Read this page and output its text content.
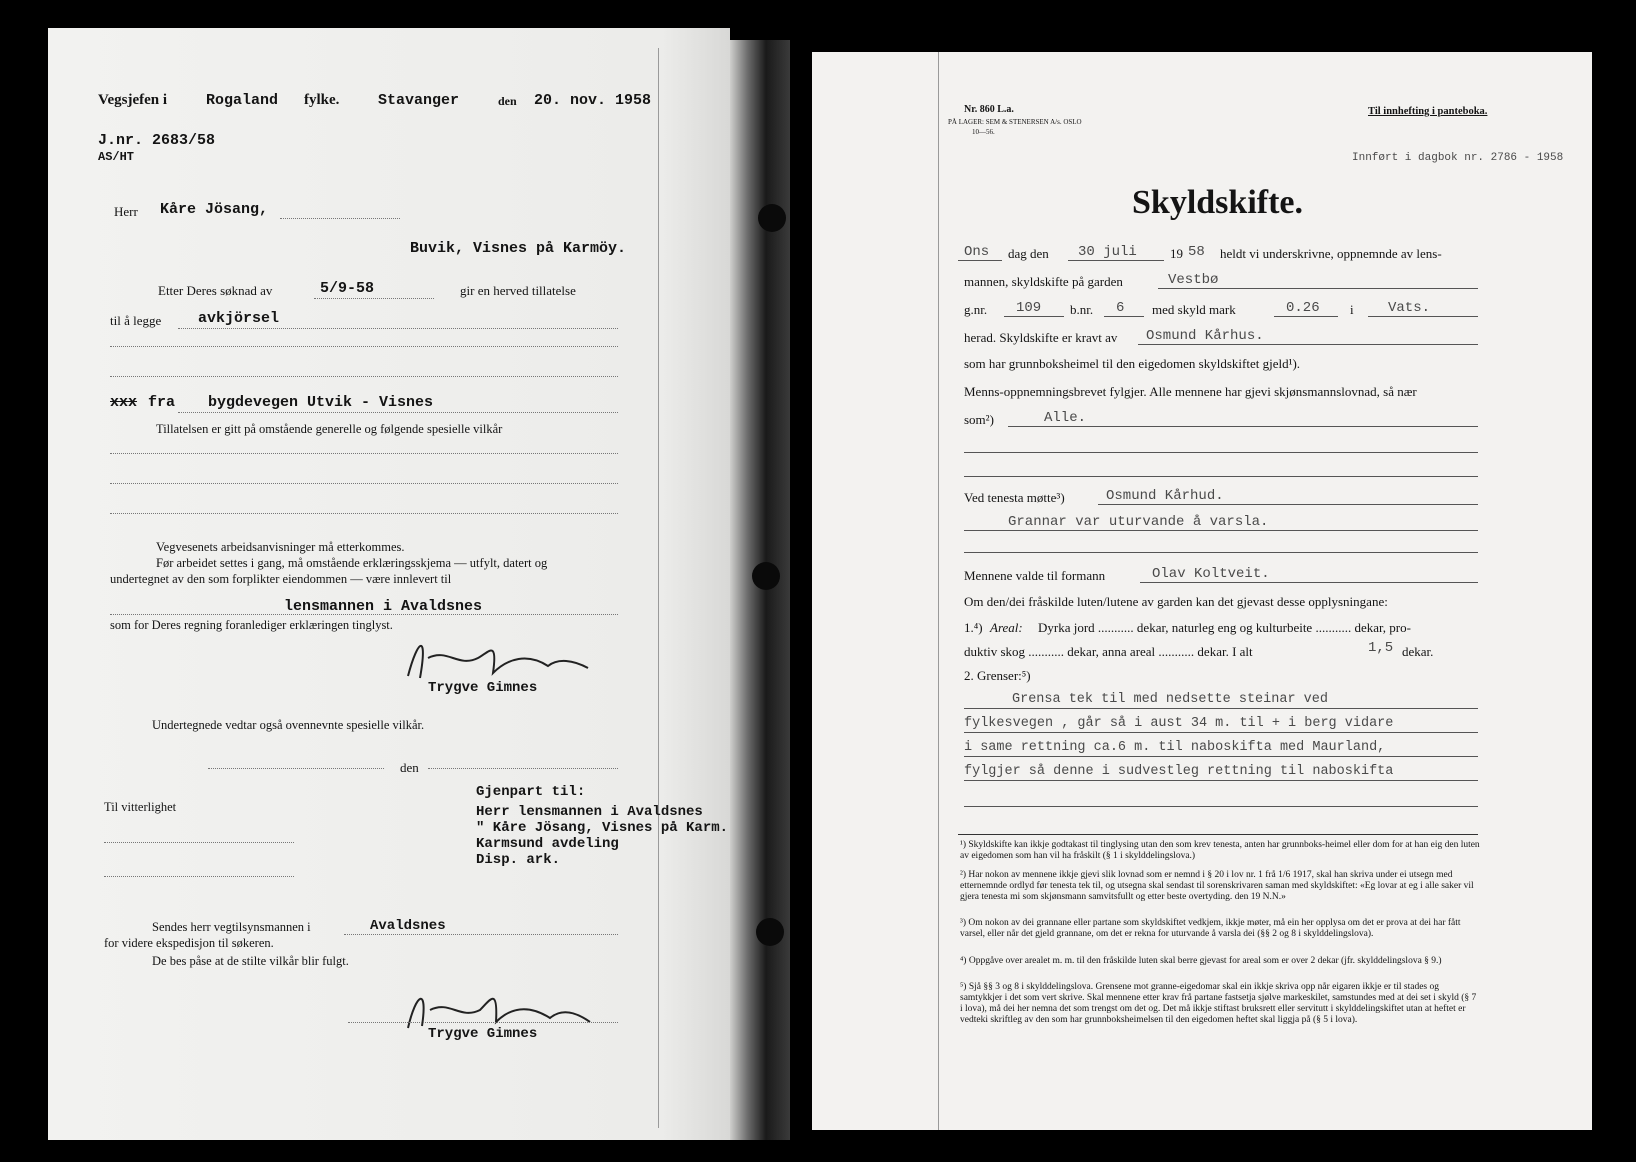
Vegsjefen i	Rogaland fylke.	Stavanger	den 20. nov. 1958
J.nr. 2683/58
AS/HT
Herr Kåre Jösang,
Buvik, Visnes på Karmöy.
Etter Deres søknad av	5/9-58	gir en herved tillatelse
til å legge avkjörsel
xxx fra bygdevegen Utvik - Visnes
Tillatelsen er gitt på omstående generelle og følgende spesielle vilkår
Vegvesenets arbeidsanvisninger må etterkommes.
Før arbeidet settes i gang, må omstående erklæringsskjema — utfylt, datert og
undertegnet av den som forplikter eiendommen — være innlevert til
lensmannen i Avaldsnes
som for Deres regning foranlediger erklæringen tinglyst.
Trygve Gimnes
Undertegnede vedtar også ovennevnte spesielle vilkår.
den
Til vitterlighet
Gjenpart til:
Herr lensmannen i Avaldsnes
" Kåre Jösang, Visnes på Karm.
Karmsund avdeling
Disp. ark.
Sendes herr vegtilsynsmannen i	Avaldsnes
for videre ekspedisjon til søkeren.
De bes påse at de stilte vilkår blir fulgt.
Trygve Gimnes
Nr. 860 L.a.
PÅ LAGER: SEM & STENERSEN A/s. OSLO
10—56.
Til innhefting i panteboka.
Innført i dagbok nr. 2786 - 1958
Skyldskifte.
Ons dag den 30 juli	19 58 heldt vi underskrivne, oppnemnde av lens-
mannen, skyldskifte på garden	Vestbø
g.nr. 109 b.nr. 6 med skyld mark	0.26 i Vats.
herad. Skyldskifte er kravt av Osmund Kårhus.
som har grunnboksheimel til den eigedomen skyldskiftet gjeld¹).
Menns-oppnemningsbrevet fylgjer. Alle mennene har gjevi skjønsmannslovnad, så nær
som²)	Alle.
Ved tenesta møtte³)	Osmund Kårhud.
Grannar var uturvande å varsla.
Mennene valde til formann	Olav Koltveit.
Om den/dei fråskilde luten/lutene av garden kan det gjevast desse opplysningane:
1.⁴) Areal: Dyrka jord ........... dekar, naturleg eng og kulturbeite ........... dekar, pro-
duktiv skog ........... dekar, anna areal ........... dekar. I alt	1,5 dekar.
2. Grenser:⁵)
Grensa tek til med nedsette steinar ved
fylkesvegen , går så i aust 34 m. til + i berg vidare
i same rettning ca.6 m. til naboskifta med Maurland,
fylgjer så denne i sudvestleg rettning til naboskifta
¹) Skyldskifte kan ikkje godtakast til tinglysing utan den som krev tenesta, anten har grunnboks-heimel eller dom for at han eig den luten av eigedomen som han vil ha fråskilt (§ 1 i skylddelingslova.)
²) Har nokon av mennene ikkje gjevi slik lovnad som er nemnd i § 20 i lov nr. 1 frå 1/6 1917, skal han skriva under ei utsegn med etternemnde ordlyd før tenesta tek til, og utsegna skal sendast til sorenskrivaren saman med skyldskiftet: «Eg lovar at eg i alle saker vil gjera tenesta mi som skjønsmann samvitsfullt og etter beste overtyding. den 19 N.N.»
³) Om nokon av dei grannane eller partane som skyldskiftet vedkjem, ikkje møter, må ein her opplysa om det er prova at dei har fått varsel, eller når det gjeld grannane, om det er rekna for uturvande å varsla dei (§§ 2 og 8 i skylddelingslova).
⁴) Oppgåve over arealet m. m. til den fråskilde luten skal berre gjevast for areal som er over 2 dekar (jfr. skylddelingslova § 9.)
⁵) Sjå §§ 3 og 8 i skylddelingslova. Grensene mot granne-eigedomar skal ein ikkje skriva opp når eigaren ikkje er til stades og samtykkjer i det som vert skrive. Skal mennene etter krav frå partane fastsetja sjølve markeskilet, samstundes med at dei set i skyld (§ 7 i lova), må dei her nemna det som trengst om det og. Det må ikkje stiftast bruksrett eller servitutt i skylddelingskiftet utan at heftet er vedteki skriftleg av den som har grunnboksheimelsen til den eigedomen heftet skal liggja på (§ 5 i lova).
